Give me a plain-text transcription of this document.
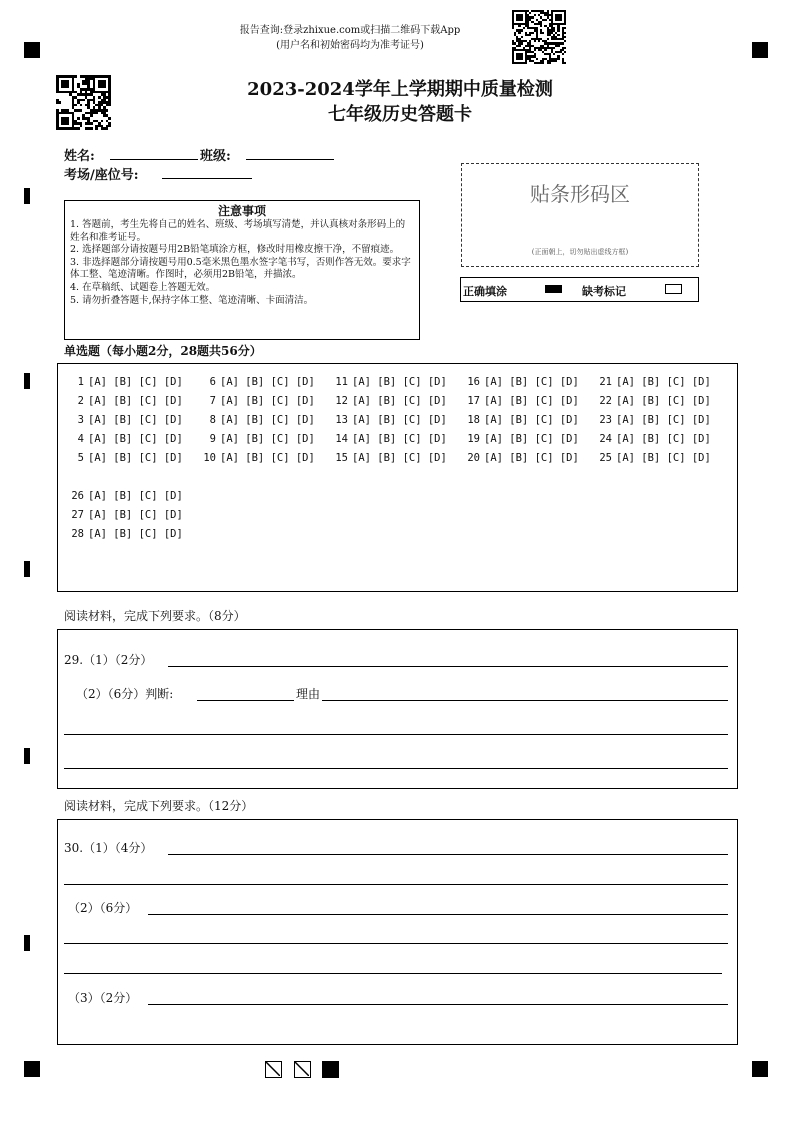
报告查询:登录zhixue.com或扫描二维码下载App
(用户名和初始密码均为准考证号)
2023-2024学年上学期期中质量检测
七年级历史答题卡
姓名:	班级:
考场/座位号:
注意事项
1. 答题前，考生先将自己的姓名、班级、考场填写清楚，并认真核对条形码上的姓名和准考证号。
2. 选择题部分请按题号用2B铅笔填涂方框，修改时用橡皮擦干净，不留痕迹。
3. 非选择题部分请按题号用0.5毫米黑色墨水签字笔书写，否则作答无效。要求字体工整、笔迹清晰。作图时，必须用2B铅笔，并描浓。
4. 在草稿纸、试题卷上答题无效。
5. 请勿折叠答题卡,保持字体工整、笔迹清晰、卡面清洁。
贴条形码区
(正面朝上，切勿贴出虚线方框)
正确填涂	缺考标记
单选题（每小题2分，28题共56分）
1 [A] [B] [C] [D]
2 [A] [B] [C] [D]
3 [A] [B] [C] [D]
4 [A] [B] [C] [D]
5 [A] [B] [C] [D]
6 [A] [B] [C] [D]
7 [A] [B] [C] [D]
8 [A] [B] [C] [D]
9 [A] [B] [C] [D]
10 [A] [B] [C] [D]
11 [A] [B] [C] [D]
12 [A] [B] [C] [D]
13 [A] [B] [C] [D]
14 [A] [B] [C] [D]
15 [A] [B] [C] [D]
16 [A] [B] [C] [D]
17 [A] [B] [C] [D]
18 [A] [B] [C] [D]
19 [A] [B] [C] [D]
20 [A] [B] [C] [D]
21 [A] [B] [C] [D]
22 [A] [B] [C] [D]
23 [A] [B] [C] [D]
24 [A] [B] [C] [D]
25 [A] [B] [C] [D]
26 [A] [B] [C] [D]
27 [A] [B] [C] [D]
28 [A] [B] [C] [D]
阅读材料，完成下列要求。（8分）
29.（1）（2分）
（2）（6分）判断:	理由
阅读材料，完成下列要求。（12分）
30.（1）（4分）
（2）（6分）
（3）（2分）
